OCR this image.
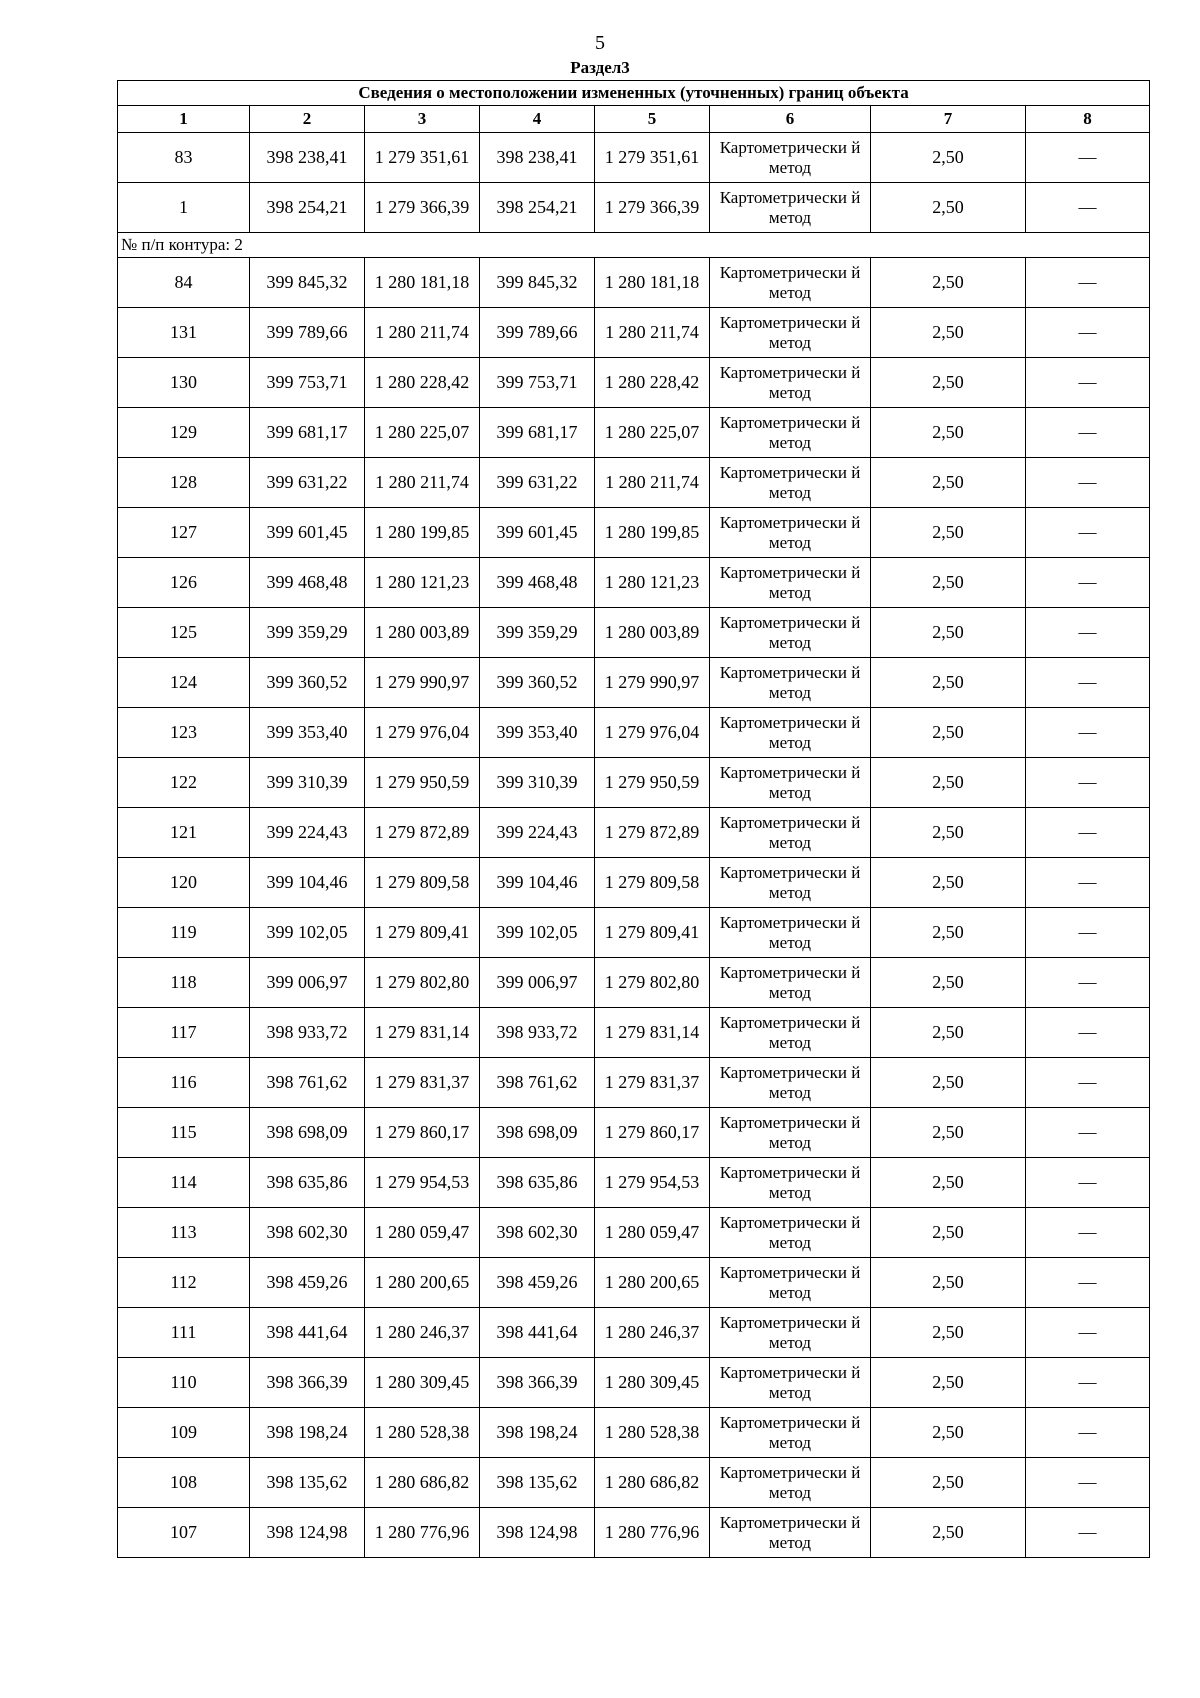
5
Раздел3
Сведения о местоположении измененных (уточненных) границ объекта							
1	2	3	4	5	6	7	8
83	398 238,41	1 279 351,61	398 238,41	1 279 351,61	Картометрически й метод	2,50	—
1	398 254,21	1 279 366,39	398 254,21	1 279 366,39	Картометрически й метод	2,50	—
№ п/п контура: 2							
84	399 845,32	1 280 181,18	399 845,32	1 280 181,18	Картометрически й метод	2,50	—
131	399 789,66	1 280 211,74	399 789,66	1 280 211,74	Картометрически й метод	2,50	—
130	399 753,71	1 280 228,42	399 753,71	1 280 228,42	Картометрически й метод	2,50	—
129	399 681,17	1 280 225,07	399 681,17	1 280 225,07	Картометрически й метод	2,50	—
128	399 631,22	1 280 211,74	399 631,22	1 280 211,74	Картометрически й метод	2,50	—
127	399 601,45	1 280 199,85	399 601,45	1 280 199,85	Картометрически й метод	2,50	—
126	399 468,48	1 280 121,23	399 468,48	1 280 121,23	Картометрически й метод	2,50	—
125	399 359,29	1 280 003,89	399 359,29	1 280 003,89	Картометрически й метод	2,50	—
124	399 360,52	1 279 990,97	399 360,52	1 279 990,97	Картометрически й метод	2,50	—
123	399 353,40	1 279 976,04	399 353,40	1 279 976,04	Картометрически й метод	2,50	—
122	399 310,39	1 279 950,59	399 310,39	1 279 950,59	Картометрически й метод	2,50	—
121	399 224,43	1 279 872,89	399 224,43	1 279 872,89	Картометрически й метод	2,50	—
120	399 104,46	1 279 809,58	399 104,46	1 279 809,58	Картометрически й метод	2,50	—
119	399 102,05	1 279 809,41	399 102,05	1 279 809,41	Картометрически й метод	2,50	—
118	399 006,97	1 279 802,80	399 006,97	1 279 802,80	Картометрически й метод	2,50	—
117	398 933,72	1 279 831,14	398 933,72	1 279 831,14	Картометрически й метод	2,50	—
116	398 761,62	1 279 831,37	398 761,62	1 279 831,37	Картометрически й метод	2,50	—
115	398 698,09	1 279 860,17	398 698,09	1 279 860,17	Картометрически й метод	2,50	—
114	398 635,86	1 279 954,53	398 635,86	1 279 954,53	Картометрически й метод	2,50	—
113	398 602,30	1 280 059,47	398 602,30	1 280 059,47	Картометрически й метод	2,50	—
112	398 459,26	1 280 200,65	398 459,26	1 280 200,65	Картометрически й метод	2,50	—
111	398 441,64	1 280 246,37	398 441,64	1 280 246,37	Картометрически й метод	2,50	—
110	398 366,39	1 280 309,45	398 366,39	1 280 309,45	Картометрически й метод	2,50	—
109	398 198,24	1 280 528,38	398 198,24	1 280 528,38	Картометрически й метод	2,50	—
108	398 135,62	1 280 686,82	398 135,62	1 280 686,82	Картометрически й метод	2,50	—
107	398 124,98	1 280 776,96	398 124,98	1 280 776,96	Картометрически й метод	2,50	—
